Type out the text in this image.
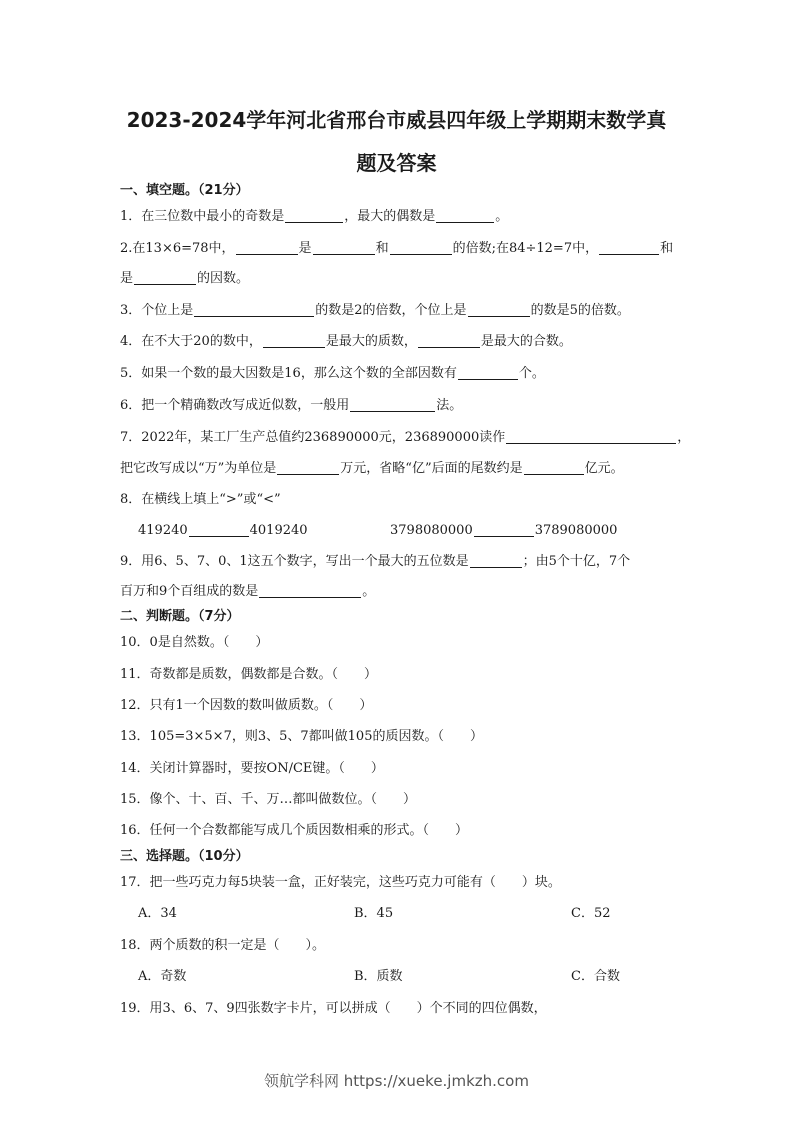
2023-2024学年河北省邢台市威县四年级上学期期末数学真
题及答案
一、填空题。（21分）
1．在三位数中最小的奇数是	，最大的偶数是	。
2.在13×6=78中，	是	和	的倍数;在84÷12=7中，	和
是	的因数。
3．个位上是	的数是2的倍数，个位上是	的数是5的倍数。
4．在不大于20的数中，	是最大的质数，	是最大的合数。
5．如果一个数的最大因数是16，那么这个数的全部因数有	个。
6．把一个精确数改写成近似数，一般用	法。
7．2022年，某工厂生产总值约236890000元，236890000读作	，
把它改写成以“万”为单位是	万元，省略“亿”后面的尾数约是	亿元。
8．在横线上填上“>”或“<”
419240	4019240	3798080000	3789080000
9．用6、5、7、0、1这五个数字，写出一个最大的五位数是	；由5个十亿，7个
百万和9个百组成的数是	。
二、判断题。（7分）
10．0是自然数。（　　）
11．奇数都是质数，偶数都是合数。（　　）
12．只有1一个因数的数叫做质数。（　　）
13．105=3×5×7，则3、5、7都叫做105的质因数。（　　）
14．关闭计算器时，要按ON/CE键。（　　）
15．像个、十、百、千、万…都叫做数位。（　　）
16．任何一个合数都能写成几个质因数相乘的形式。（　　）
三、选择题。（10分）
17．把一些巧克力每5块装一盒，正好装完，这些巧克力可能有（　　）块。
A．34	B．45	C．52
18．两个质数的积一定是（　　）。
A．奇数	B．质数	C．合数
19．用3、6、7、9四张数字卡片，可以拼成（　　）个不同的四位偶数，
领航学科网 https://xueke.jmkzh.com
